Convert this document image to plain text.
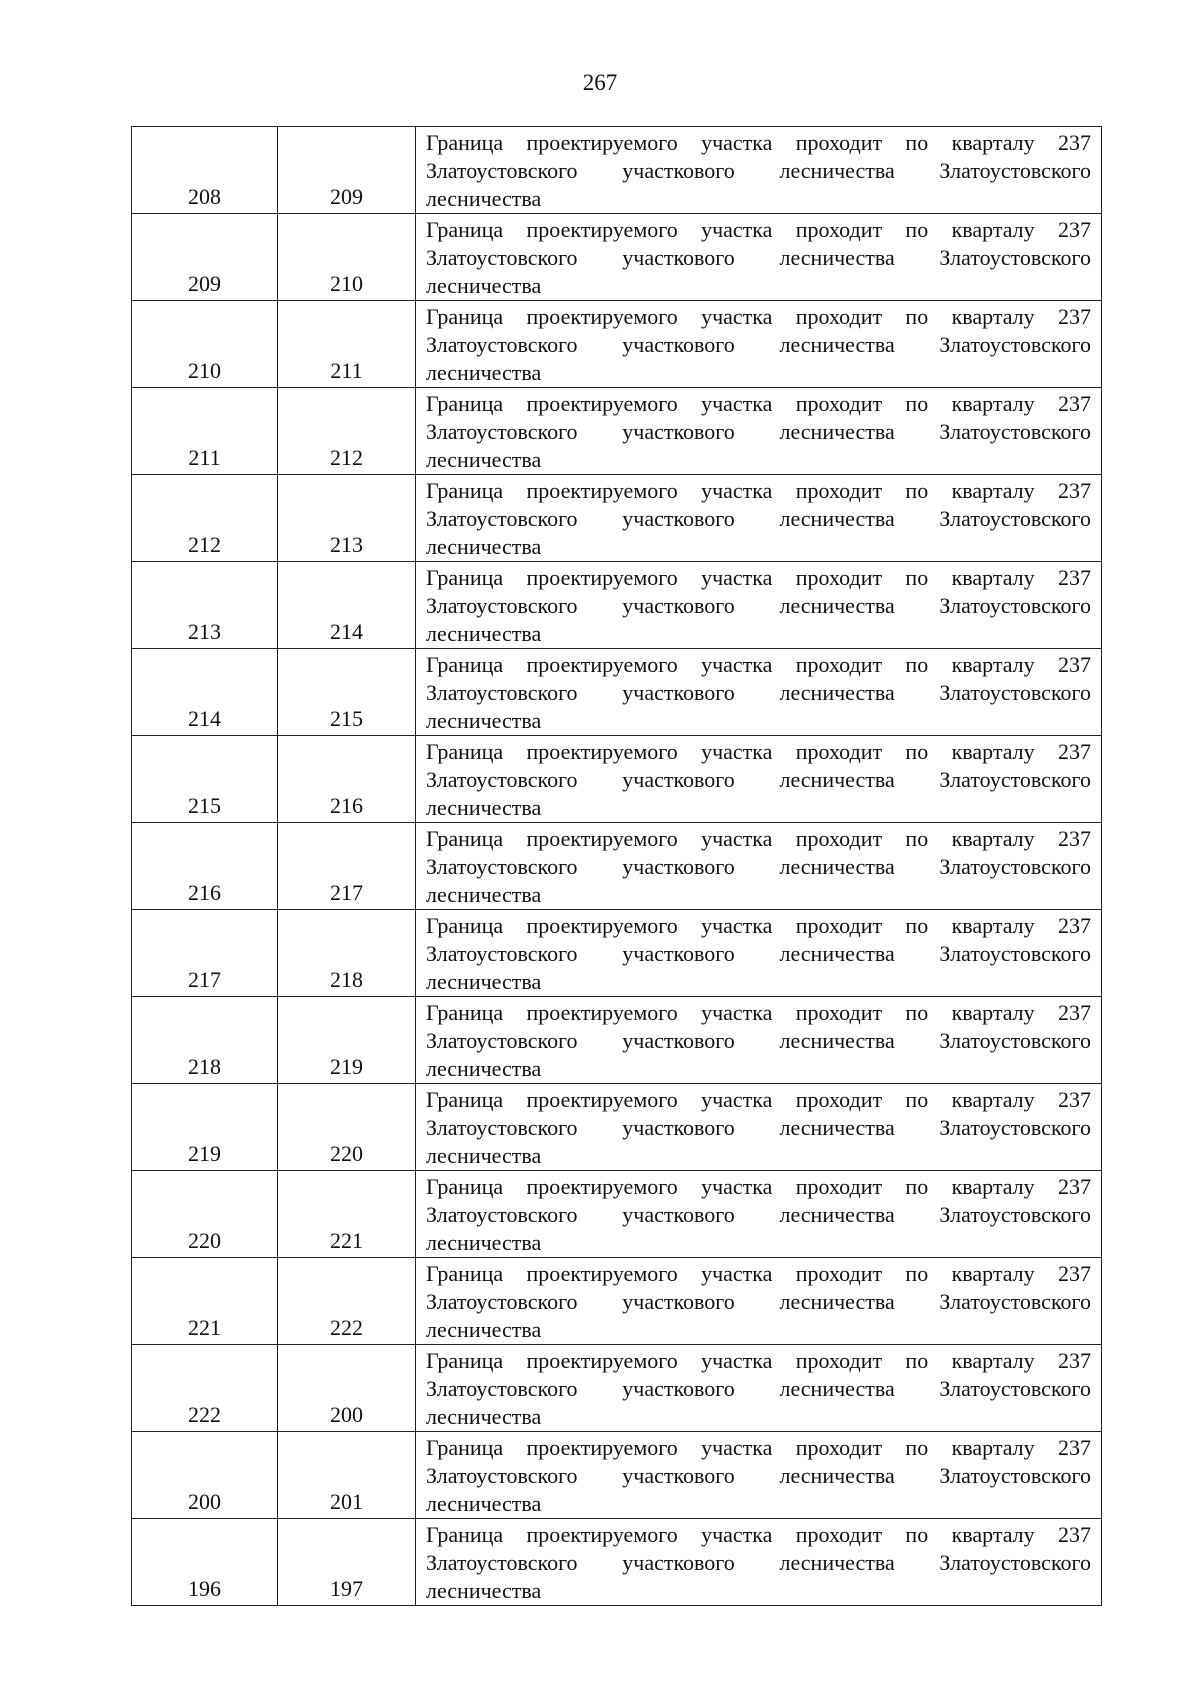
267
208	209	Граница проектируемого участка проходит по кварталу 237 Златоустовского участкового лесничества Златоустовского лесничества
209	210	Граница проектируемого участка проходит по кварталу 237 Златоустовского участкового лесничества Златоустовского лесничества
210	211	Граница проектируемого участка проходит по кварталу 237 Златоустовского участкового лесничества Златоустовского лесничества
211	212	Граница проектируемого участка проходит по кварталу 237 Златоустовского участкового лесничества Златоустовского лесничества
212	213	Граница проектируемого участка проходит по кварталу 237 Златоустовского участкового лесничества Златоустовского лесничества
213	214	Граница проектируемого участка проходит по кварталу 237 Златоустовского участкового лесничества Златоустовского лесничества
214	215	Граница проектируемого участка проходит по кварталу 237 Златоустовского участкового лесничества Златоустовского лесничества
215	216	Граница проектируемого участка проходит по кварталу 237 Златоустовского участкового лесничества Златоустовского лесничества
216	217	Граница проектируемого участка проходит по кварталу 237 Златоустовского участкового лесничества Златоустовского лесничества
217	218	Граница проектируемого участка проходит по кварталу 237 Златоустовского участкового лесничества Златоустовского лесничества
218	219	Граница проектируемого участка проходит по кварталу 237 Златоустовского участкового лесничества Златоустовского лесничества
219	220	Граница проектируемого участка проходит по кварталу 237 Златоустовского участкового лесничества Златоустовского лесничества
220	221	Граница проектируемого участка проходит по кварталу 237 Златоустовского участкового лесничества Златоустовского лесничества
221	222	Граница проектируемого участка проходит по кварталу 237 Златоустовского участкового лесничества Златоустовского лесничества
222	200	Граница проектируемого участка проходит по кварталу 237 Златоустовского участкового лесничества Златоустовского лесничества
200	201	Граница проектируемого участка проходит по кварталу 237 Златоустовского участкового лесничества Златоустовского лесничества
196	197	Граница проектируемого участка проходит по кварталу 237 Златоустовского участкового лесничества Златоустовского лесничества
